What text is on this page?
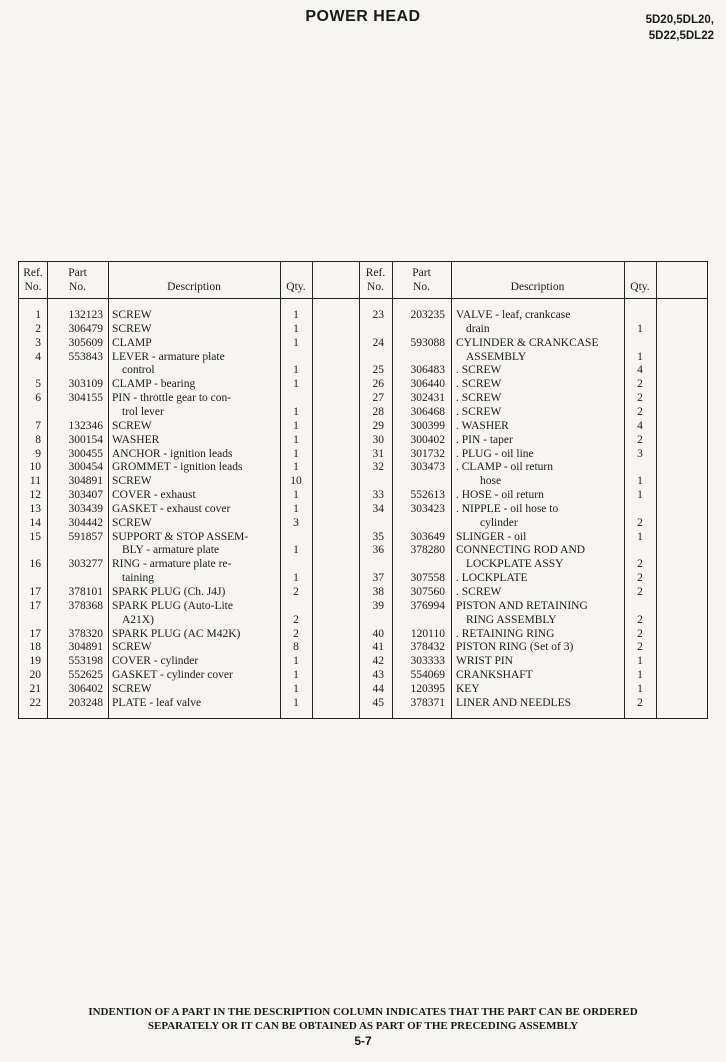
POWER HEAD	5D20,5DL20,
5D22,5DL22
Ref.
No.
Part
No.	Description	Qty.
Ref.
No.
Part
No.	Description	Qty.
1	132123 SCREW	1
2	306479 SCREW	1
3	305609 CLAMP	1
4	553843 LEVER - armature plate
control	1
5	303109 CLAMP - bearing	1
6	304155 PIN - throttle gear to con-
trol lever	1
7	132346 SCREW	1
8	300154 WASHER	1
9	300455 ANCHOR - ignition leads	1
10	300454 GROMMET - ignition leads	1
11	304891 SCREW	10
12	303407 COVER - exhaust	1
13	303439 GASKET - exhaust cover	1
14	304442 SCREW	3
15	591857 SUPPORT & STOP ASSEM-
BLY - armature plate	1
16	303277 RING - armature plate re-
taining	1
17	378101 SPARK PLUG (Ch. J4J)	2
17	378368 SPARK PLUG (Auto-Lite
A21X)	2
17	378320 SPARK PLUG (AC M42K)	2
18	304891 SCREW	8
19	553198 COVER - cylinder	1
20	552625 GASKET - cylinder cover	1
21	306402 SCREW	1
22	203248 PLATE - leaf valve	1
23	203235 VALVE - leaf, crankcase
drain	1
24	593088 CYLINDER & CRANKCASE
ASSEMBLY	1
25	306483 . SCREW	4
26	306440 . SCREW	2
27	302431 . SCREW	2
28	306468 . SCREW	2
29	300399 . WASHER	4
30	300402 . PIN - taper	2
31	301732 . PLUG - oil line	3
32	303473 . CLAMP - oil return
hose	1
33	552613 . HOSE - oil return	1
34	303423 . NIPPLE - oil hose to
cylinder	2
35	303649 SLINGER - oil	1
36	378280 CONNECTING ROD AND
LOCKPLATE ASSY	2
37	307558 . LOCKPLATE	2
38	307560 . SCREW	2
39	376994 PISTON AND RETAINING
RING ASSEMBLY	2
40	120110 . RETAINING RING	2
41	378432 PISTON RING (Set of 3)	2
42	303333 WRIST PIN	1
43	554069 CRANKSHAFT	1
44	120395 KEY	1
45	378371 LINER AND NEEDLES	2
INDENTION OF A PART IN THE DESCRIPTION COLUMN INDICATES THAT THE PART CAN BE ORDERED
SEPARATELY OR IT CAN BE OBTAINED AS PART OF THE PRECEDING ASSEMBLY
5-7
